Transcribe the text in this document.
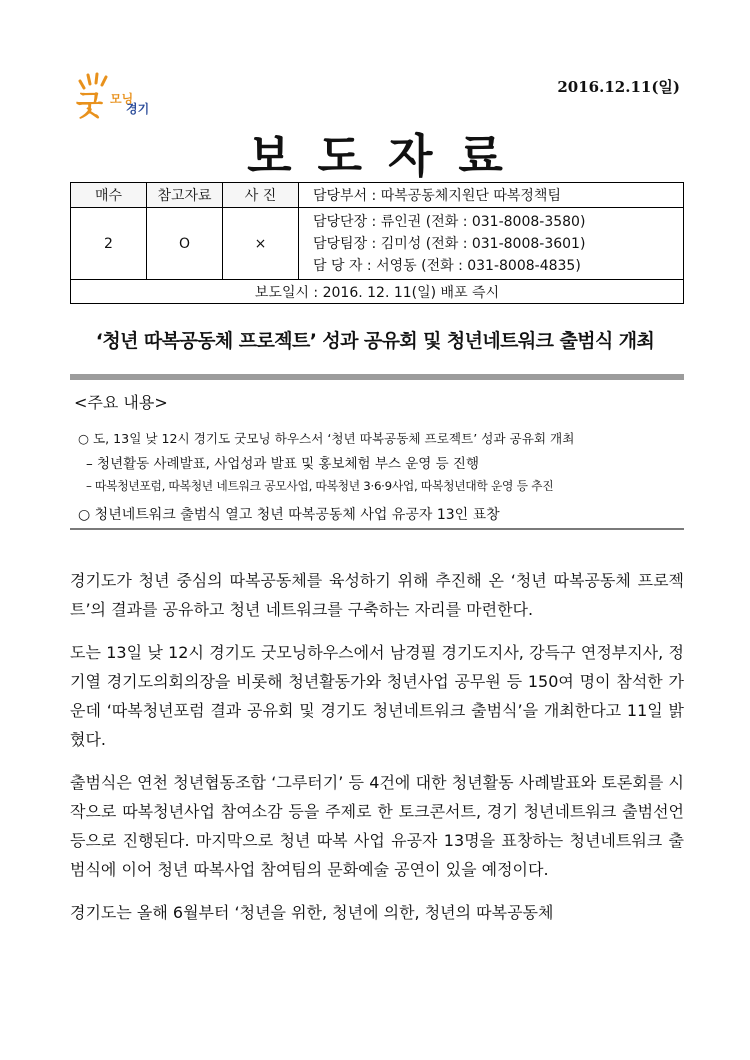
굿 모닝
경기
2016.12.11(일)
보도자료
매수	참고자료	사 진	담당부서 : 따복공동체지원단 따복정책팀
2	O	×	담당단장 : 류인권 (전화 : 031-8008-3580)
담당팀장 : 김미성 (전화 : 031-8008-3601)
담 당 자 : 서영동 (전화 : 031-8008-4835)

보도일시 : 2016. 12. 11(일) 배포 즉시			
‘청년 따복공동체 프로젝트’ 성과 공유회 및 청년네트워크 출범식 개최
<주요 내용>
○ 도, 13일 낮 12시 경기도 굿모닝 하우스서 ‘청년 따복공동체 프로젝트’ 성과 공유회 개최
– 청년활동 사례발표, 사업성과 발표 및 홍보체험 부스 운영 등 진행
– 따복청년포럼, 따복청년 네트워크 공모사업, 따복청년 3·6·9사업, 따복청년대학 운영 등 추진
○ 청년네트워크 출범식 열고 청년 따복공동체 사업 유공자 13인 표창

경기도가 청년 중심의 따복공동체를 육성하기 위해 추진해 온 ‘청년 따복공동체 프로젝트’의 결과를 공유하고 청년 네트워크를 구축하는 자리를 마련한다.

도는 13일 낮 12시 경기도 굿모닝하우스에서 남경필 경기도지사, 강득구 연정부지사, 정기열 경기도의회의장을 비롯해 청년활동가와 청년사업 공무원 등 150여 명이 참석한 가운데 ‘따복청년포럼 결과 공유회 및 경기도 청년네트워크 출범식’을 개최한다고 11일 밝혔다.

출범식은 연천 청년협동조합 ‘그루터기’ 등 4건에 대한 청년활동 사례발표와 토론회를 시작으로 따복청년사업 참여소감 등을 주제로 한 토크콘서트, 경기 청년네트워크 출범선언 등으로 진행된다. 마지막으로 청년 따복 사업 유공자 13명을 표창하는 청년네트워크 출범식에 이어 청년 따복사업 참여팀의 문화예술 공연이 있을 예정이다.

경기도는 올해 6월부터 ‘청년을 위한, 청년에 의한, 청년의 따복공동체
